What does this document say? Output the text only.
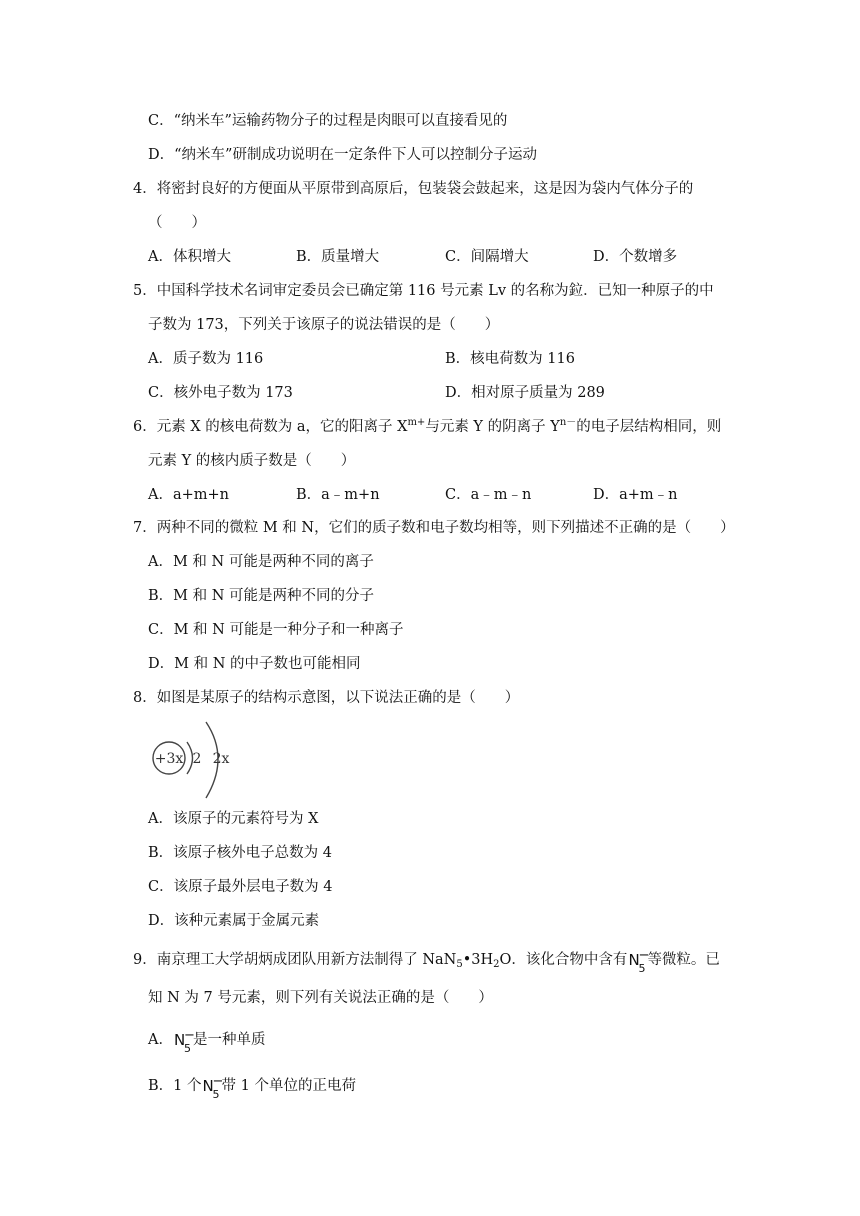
C．“纳米车”运输药物分子的过程是肉眼可以直接看见的
D．“纳米车”研制成功说明在一定条件下人可以控制分子运动
4．将密封良好的方便面从平原带到高原后，包装袋会鼓起来，这是因为袋内气体分子的
（　　）
A．体积增大	B．质量增大	C．间隔增大	D．个数增多
5．中国科学技术名词审定委员会已确定第 116 号元素 Lv 的名称为鉝．已知一种原子的中
子数为 173，下列关于该原子的说法错误的是（　　）
A．质子数为 116	B．核电荷数为 116
C．核外电子数为 173	D．相对原子质量为 289
6．元素 X 的核电荷数为 a，它的阳离子 $X^{m+}$与元素 Y 的阴离子 $Y^{n-}$的电子层结构相同，则
元素 Y 的核内质子数是（　　）
A．a+m+n	B．a﹣m+n	C．a﹣m﹣n	D．a+m﹣n
7．两种不同的微粒 M 和 N，它们的质子数和电子数均相等，则下列描述不正确的是（　　）
A．M 和 N 可能是两种不同的离子
B．M 和 N 可能是两种不同的分子
C．M 和 N 可能是一种分子和一种离子
D．M 和 N 的中子数也可能相同
8．如图是某原子的结构示意图，以下说法正确的是（　　）
+3x 2 2x
A．该原子的元素符号为 X
B．该原子核外电子总数为 4
C．该原子最外层电子数为 4
D．该种元素属于金属元素
9．南京理工大学胡炳成团队用新方法制得了 $NaN_5•3H_2O$．该化合物中含有 N
−
5
等微粒。已
知 N 为 7 号元素，则下列有关说法正确的是（　　）
A． N
−
5
是一种单质
B．1 个 N
−
5
带 1 个单位的正电荷
